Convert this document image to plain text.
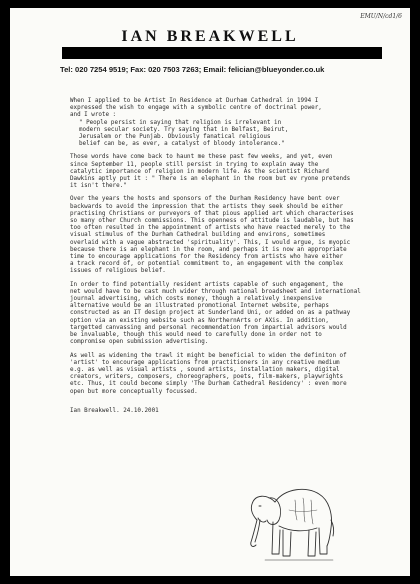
EMU/N/cd1/6
IAN BREAKWELL
Tel: 020 7254 9519; Fax: 020 7503 7263; Email: felician@blueyonder.co.uk
When I applied to be Artist In Residence at Durham Cathedral in 1994 I
expressed the wish to engage with a symbolic centre of doctrinal power,
and I wrote :
" People persist in saying that religion is irrelevant in
modern secular society. Try saying that in Belfast, Beirut,
Jerusalem or the Punjab. Obviously fanatical religious
belief can be, as ever, a catalyst of bloody intolerance."
Those words have come back to haunt me these past few weeks, and yet, even
since September 11, people still persist in trying to explain away the
catalytic importance of religion in modern life. As the scientist Richard
Dawkins aptly put it : " There is an elephant in the room but ev ryone pretends
it isn't there."
Over the years the hosts and sponsors of the Durham Residency have bent over
backwards to avoid the impression that the artists they seek should be either
practising Christians or purveyors of that pious applied art which characterises
so many other Church commissions. This openness of attitude is laudable, but has
too often resulted in the appointment of artists who have reacted merely to the
visual stimulus of the Durham Cathedral building and environs, sometimes
overlaid with a vague abstracted 'spirituality'. This, I would argue, is myopic
because there is an elephant in the room, and perhaps it is now an appropriate
time to encourage applications for the Residency from artists who have either
a track record of, or potential commitment to, an engagement with the complex
issues of religious belief.
In order to find potentially resident artists capable of such engagement, the
net would have to be cast much wider through national broadsheet and international
journal advertising, which costs money, though a relatively inexpensive
alternative would be an illustrated promotional Internet website, perhaps
constructed as an IT design project at Sunderland Uni, or added on as a pathway
option via an existing website such as NorthernArts or AXis. In addition,
targetted canvassing and personal recommendation from impartial advisors would
be invaluable, though this would need to carefully done in order not to
compromise open submission advertising.
As well as widening the trawl it might be beneficial to widen the definiton of
'artist' to encourage applications from practitioners in any creative medium
e.g. as well as visual artists , sound artists, installation makers, digital
creators, writers, composers, choreographers, poets, film-makers, playwrights
etc. Thus, it could become simply 'The Durham Cathedral Residency' : even more
open but more conceptually focussed.
Ian Breakwell. 24.10.2001
